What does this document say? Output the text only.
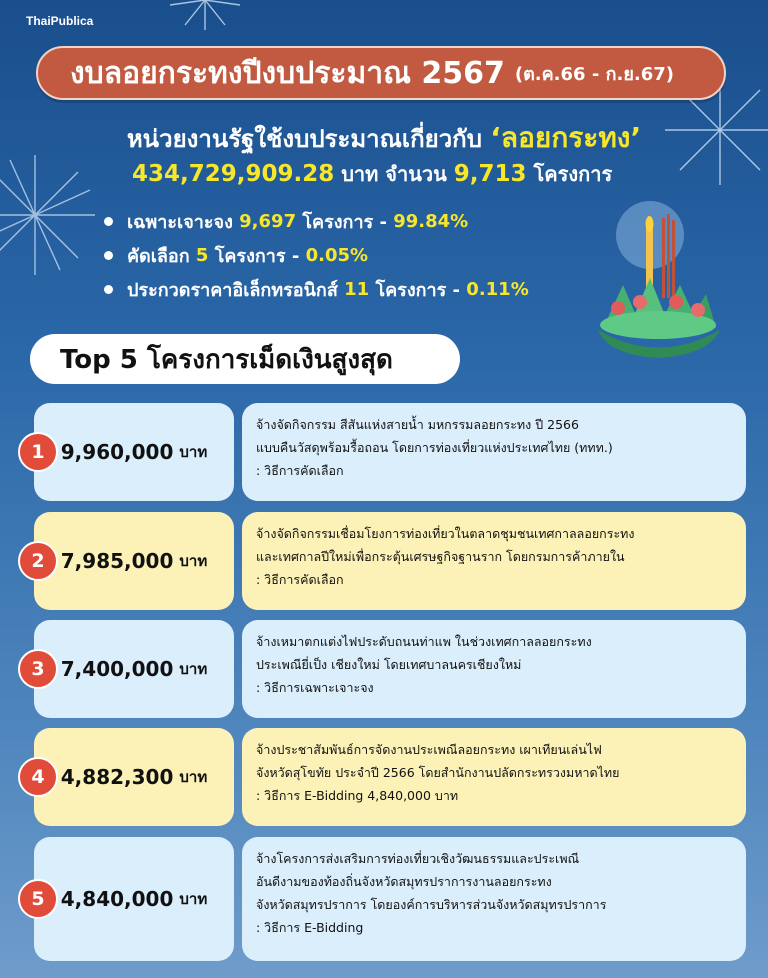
ThaiPublica
งบลอยกระทงปีงบประมาณ 2567 (ต.ค.66 - ก.ย.67)
หน่วยงานรัฐใช้งบประมาณเกี่ยวกับ ‘ลอยกระทง’
434,729,909.28 บาท จำนวน 9,713 โครงการ
เฉพาะเจาะจง
9,697
โครงการ -
99.84%
คัดเลือก
5
โครงการ -
0.05%
ประกวดราคาอิเล็กทรอนิกส์
11
โครงการ -
0.11%
Top 5 โครงการเม็ดเงินสูงสุด
9,960,000 บาท
1
จ้างจัดกิจกรรม สีสันแห่งสายน้ำ มหกรรมลอยกระทง ปี 2566
แบบคืนวัสดุพร้อมรื้อถอน โดยการท่องเที่ยวแห่งประเทศไทย (ททท.)
: วิธีการคัดเลือก
7,985,000 บาท
2
จ้างจัดกิจกรรมเชื่อมโยงการท่องเที่ยวในตลาดชุมชนเทศกาลลอยกระทง
และเทศกาลปีใหม่เพื่อกระตุ้นเศรษฐกิจฐานราก โดยกรมการค้าภายใน
: วิธีการคัดเลือก
7,400,000 บาท
3
จ้างเหมาตกแต่งไฟประดับถนนท่าแพ ในช่วงเทศกาลลอยกระทง
ประเพณียี่เป็ง เชียงใหม่ โดยเทศบาลนครเชียงใหม่
: วิธีการเฉพาะเจาะจง
4,882,300 บาท
4
จ้างประชาสัมพันธ์การจัดงานประเพณีลอยกระทง เผาเทียนเล่นไฟ
จังหวัดสุโขทัย ประจำปี 2566 โดยสำนักงานปลัดกระทรวงมหาดไทย
: วิธีการ E-Bidding 4,840,000 บาท
4,840,000 บาท
5
จ้างโครงการส่งเสริมการท่องเที่ยวเชิงวัฒนธรรมและประเพณี
อันดีงามของท้องถิ่นจังหวัดสมุทรปราการงานลอยกระทง
จังหวัดสมุทรปราการ โดยองค์การบริหารส่วนจังหวัดสมุทรปราการ
: วิธีการ E-Bidding
